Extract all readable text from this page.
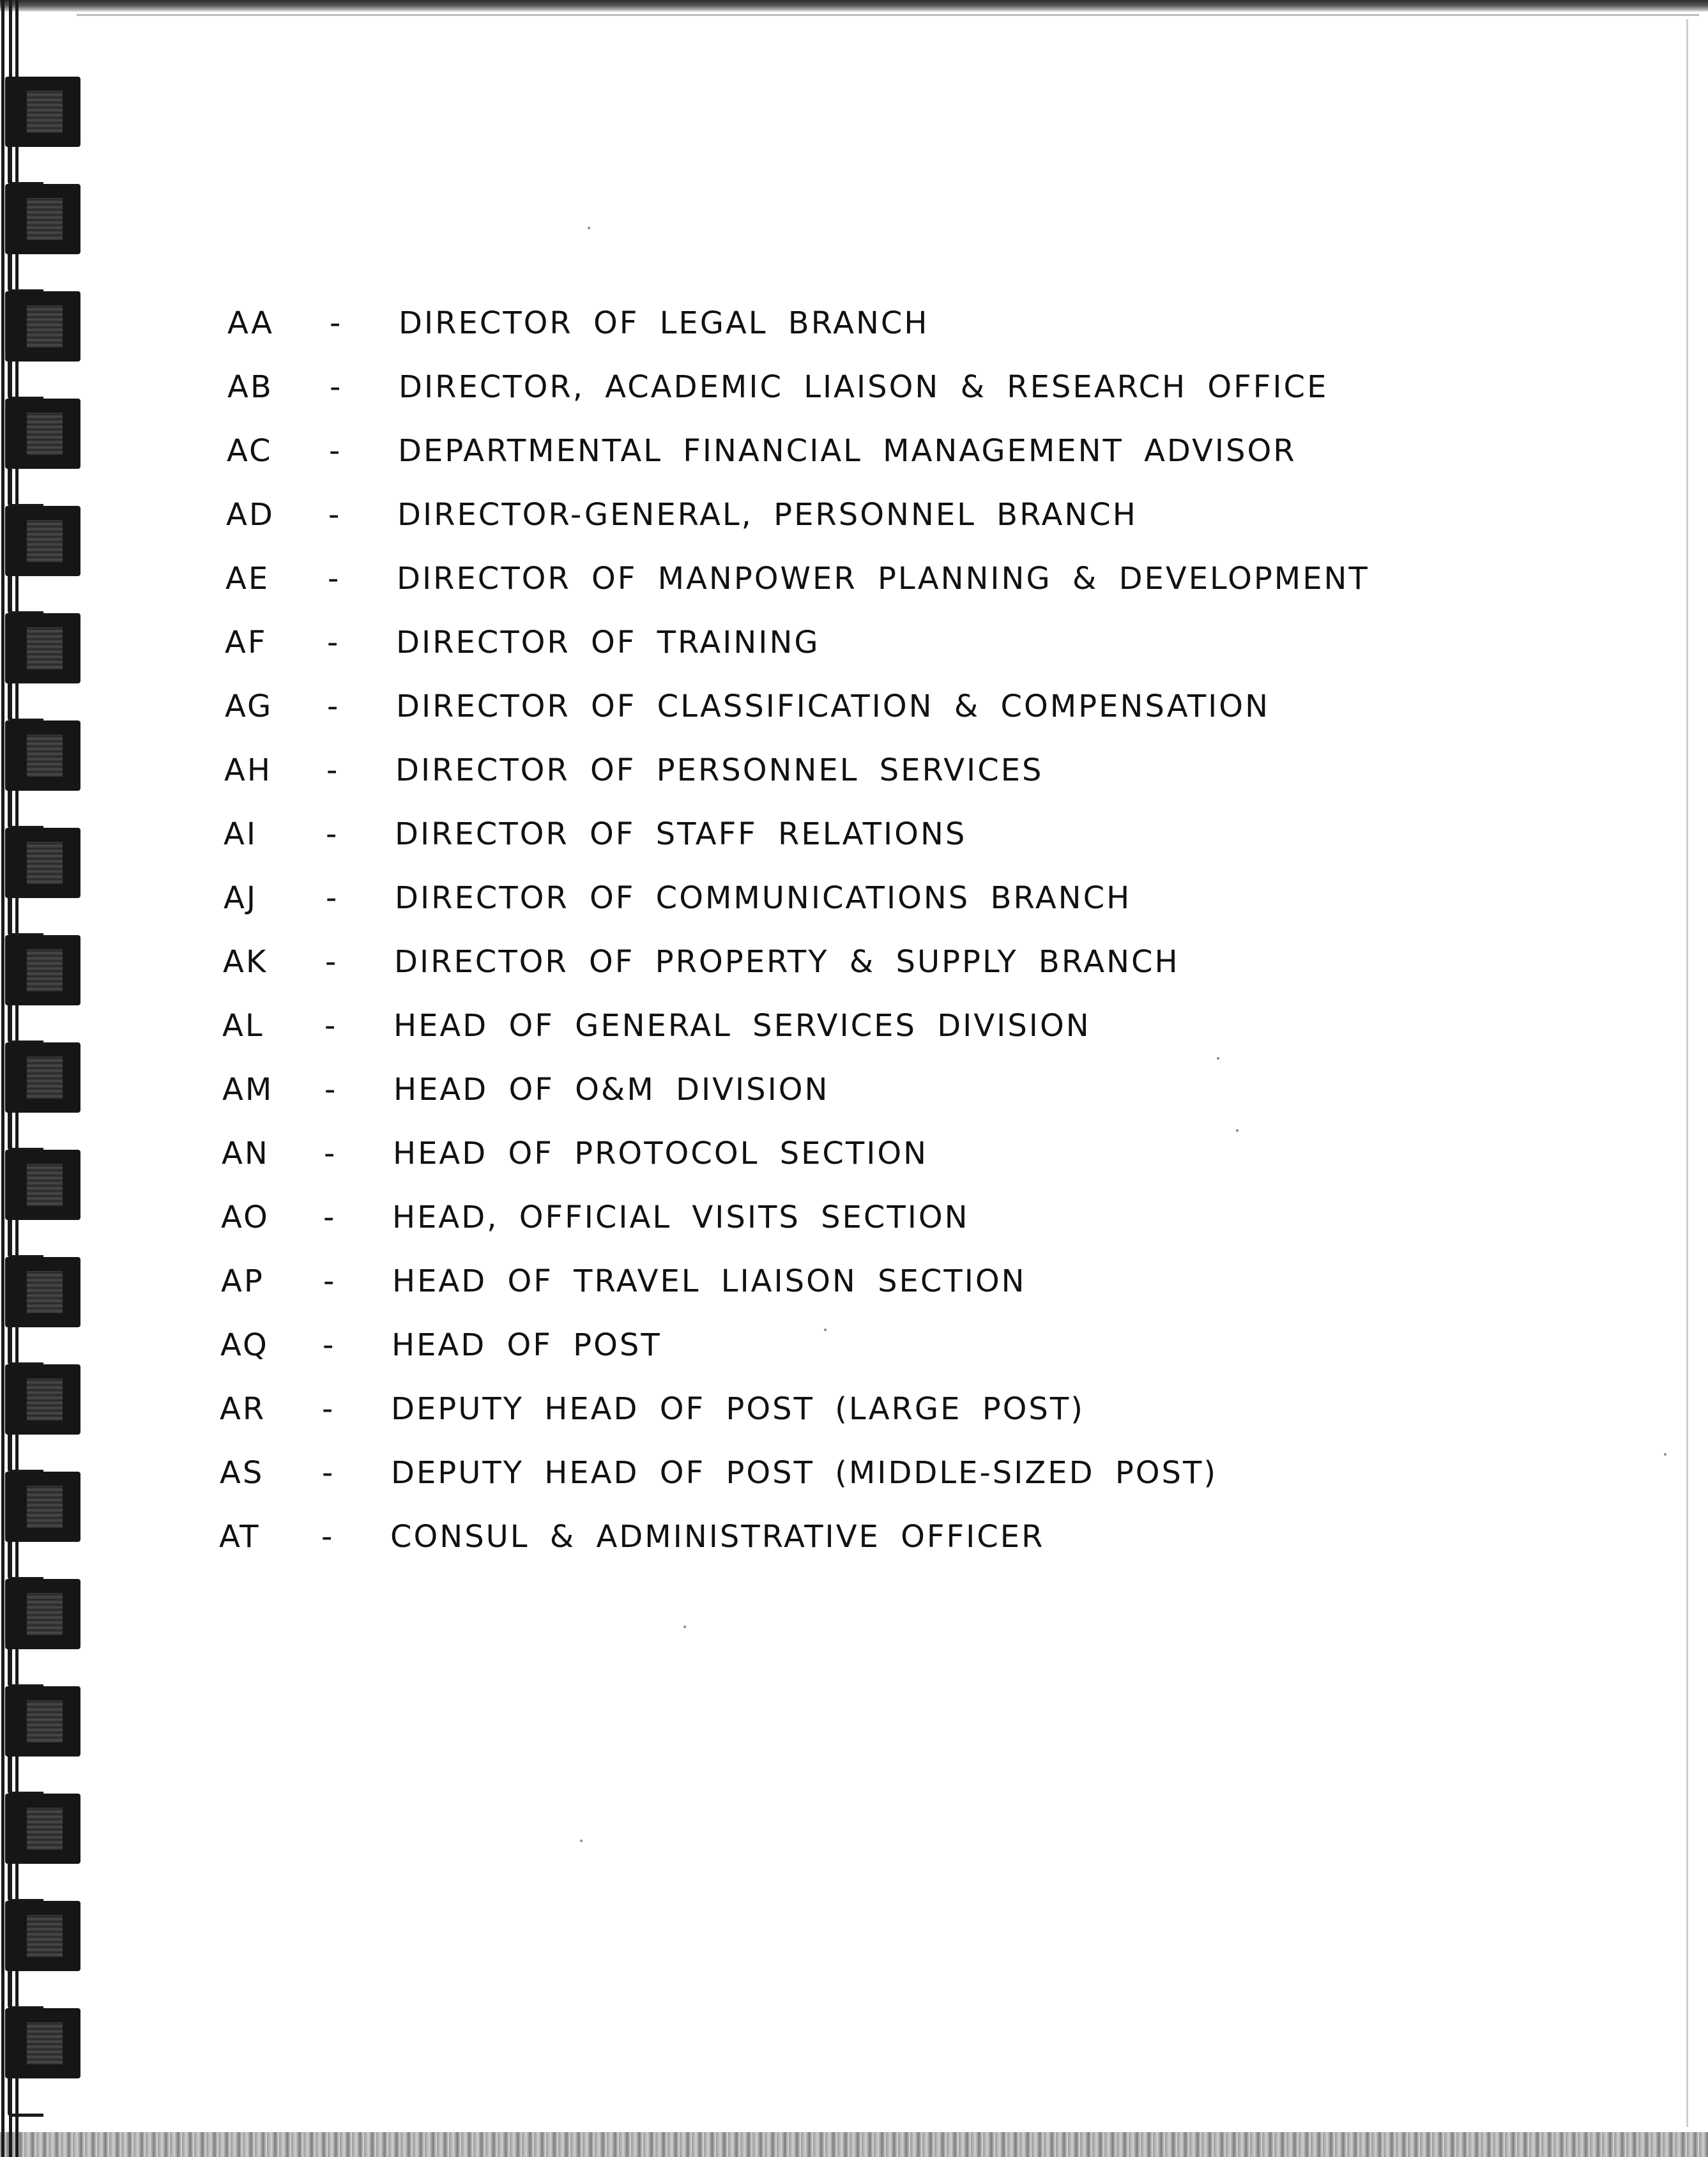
AA - DIRECTOR OF LEGAL BRANCH
AB - DIRECTOR, ACADEMIC LIAISON & RESEARCH OFFICE
AC - DEPARTMENTAL FINANCIAL MANAGEMENT ADVISOR
AD - DIRECTOR-GENERAL, PERSONNEL BRANCH
AE - DIRECTOR OF MANPOWER PLANNING & DEVELOPMENT
AF - DIRECTOR OF TRAINING
AG - DIRECTOR OF CLASSIFICATION & COMPENSATION
AH - DIRECTOR OF PERSONNEL SERVICES
AI - DIRECTOR OF STAFF RELATIONS
AJ - DIRECTOR OF COMMUNICATIONS BRANCH
AK - DIRECTOR OF PROPERTY & SUPPLY BRANCH
AL - HEAD OF GENERAL SERVICES DIVISION
AM - HEAD OF O&M DIVISION
AN - HEAD OF PROTOCOL SECTION
AO - HEAD, OFFICIAL VISITS SECTION
AP - HEAD OF TRAVEL LIAISON SECTION
AQ - HEAD OF POST
AR - DEPUTY HEAD OF POST (LARGE POST)
AS - DEPUTY HEAD OF POST (MIDDLE-SIZED POST)
AT - CONSUL & ADMINISTRATIVE OFFICER
